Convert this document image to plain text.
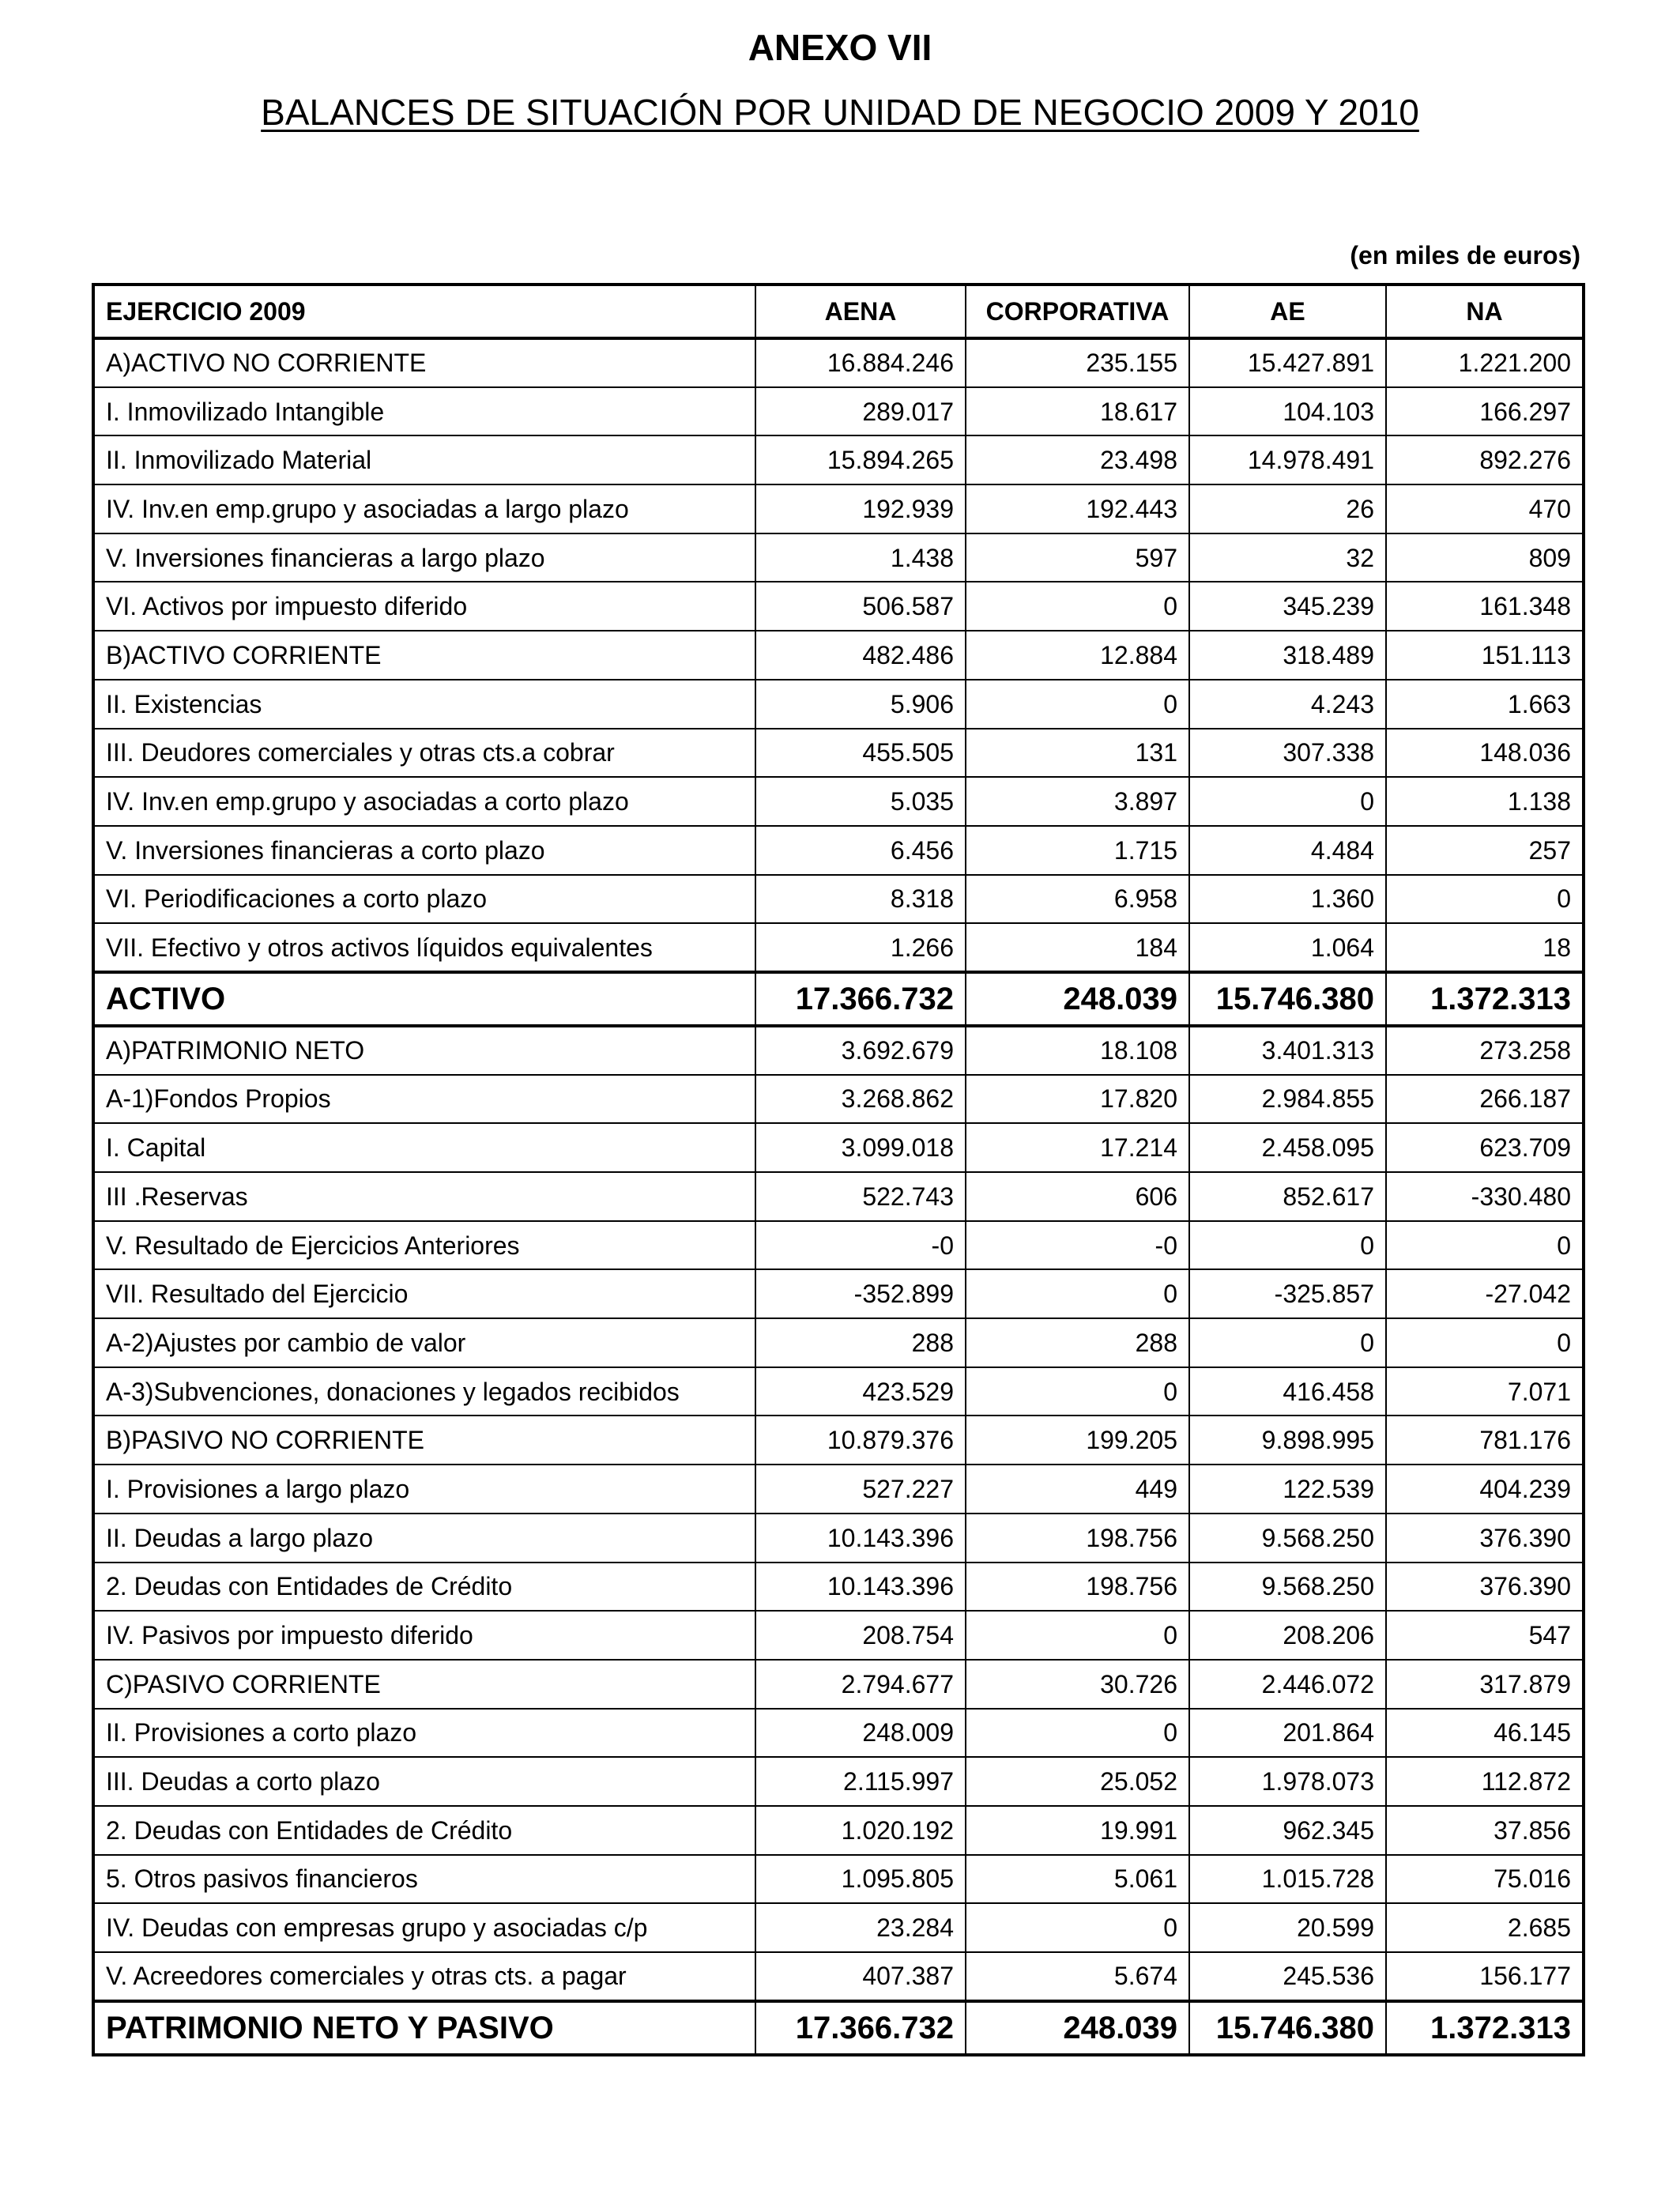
ANEXO VII
BALANCES DE SITUACIÓN POR UNIDAD DE NEGOCIO 2009 Y 2010
(en miles de euros)
EJERCICIO 2009	AENA	CORPORATIVA	AE	NA
A)ACTIVO NO CORRIENTE	16.884.246	235.155	15.427.891	1.221.200
I. Inmovilizado Intangible	289.017	18.617	104.103	166.297
II. Inmovilizado Material	15.894.265	23.498	14.978.491	892.276
IV. Inv.en emp.grupo y asociadas a largo plazo	192.939	192.443	26	470
V. Inversiones financieras a largo plazo	1.438	597	32	809
VI. Activos por impuesto diferido	506.587	0	345.239	161.348
B)ACTIVO CORRIENTE	482.486	12.884	318.489	151.113
II. Existencias	5.906	0	4.243	1.663
III. Deudores comerciales y otras cts.a cobrar	455.505	131	307.338	148.036
IV. Inv.en emp.grupo y asociadas a corto plazo	5.035	3.897	0	1.138
V. Inversiones financieras a corto plazo	6.456	1.715	4.484	257
VI. Periodificaciones a corto plazo	8.318	6.958	1.360	0
VII. Efectivo y otros activos líquidos equivalentes	1.266	184	1.064	18
ACTIVO	17.366.732	248.039	15.746.380	1.372.313
A)PATRIMONIO NETO	3.692.679	18.108	3.401.313	273.258
A-1)Fondos Propios	3.268.862	17.820	2.984.855	266.187
I. Capital	3.099.018	17.214	2.458.095	623.709
III .Reservas	522.743	606	852.617	-330.480
V. Resultado de Ejercicios Anteriores	-0	-0	0	0
VII. Resultado del Ejercicio	-352.899	0	-325.857	-27.042
A-2)Ajustes por cambio de valor	288	288	0	0
A-3)Subvenciones, donaciones y legados recibidos	423.529	0	416.458	7.071
B)PASIVO NO CORRIENTE	10.879.376	199.205	9.898.995	781.176
I. Provisiones a largo plazo	527.227	449	122.539	404.239
II. Deudas a largo plazo	10.143.396	198.756	9.568.250	376.390
2. Deudas con Entidades de Crédito	10.143.396	198.756	9.568.250	376.390
IV. Pasivos por impuesto diferido	208.754	0	208.206	547
C)PASIVO CORRIENTE	2.794.677	30.726	2.446.072	317.879
II. Provisiones a corto plazo	248.009	0	201.864	46.145
III. Deudas a corto plazo	2.115.997	25.052	1.978.073	112.872
2. Deudas con Entidades de Crédito	1.020.192	19.991	962.345	37.856
5. Otros pasivos financieros	1.095.805	5.061	1.015.728	75.016
IV. Deudas con empresas grupo y asociadas c/p	23.284	0	20.599	2.685
V. Acreedores comerciales y otras cts. a pagar	407.387	5.674	245.536	156.177
PATRIMONIO NETO Y PASIVO	17.366.732	248.039	15.746.380	1.372.313
